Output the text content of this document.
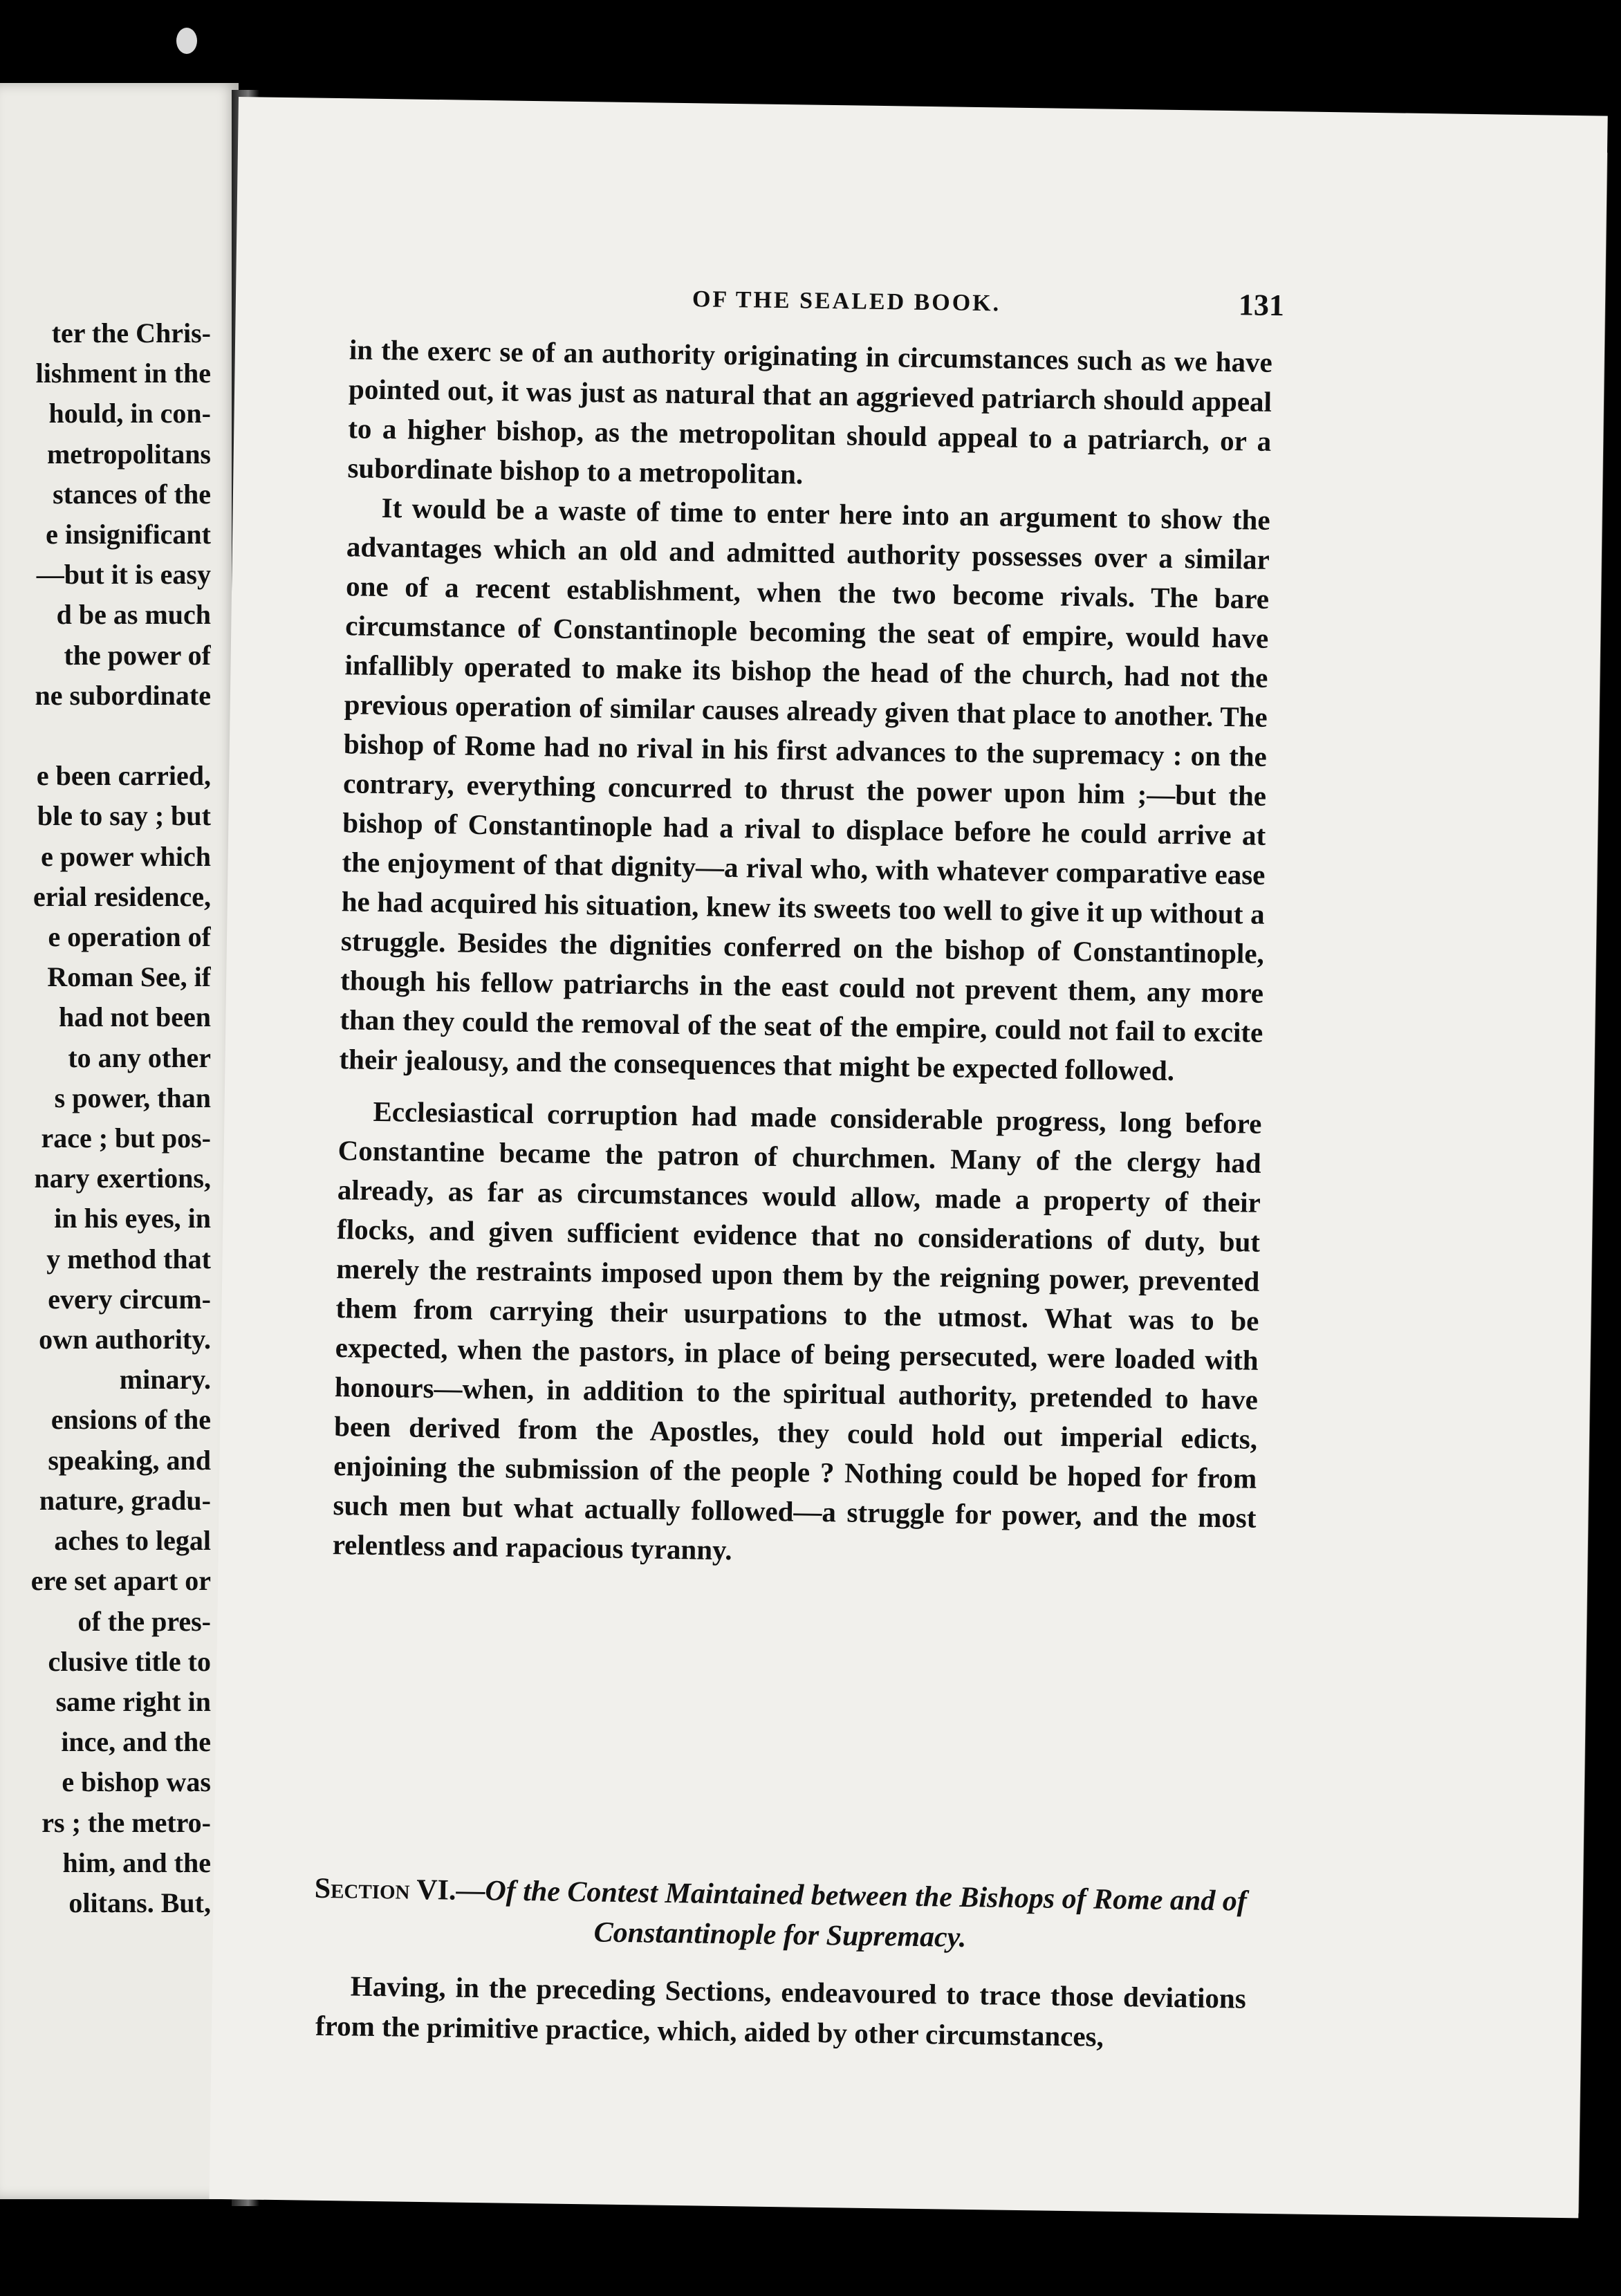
ter the Chris-
lishment in the
hould, in con-
metropolitans
stances of the
e insignificant
—but it is easy
d be as much
the power of
ne subordinate

e been carried,
ble to say ; but
e power which
erial residence,
e operation of
Roman See, if
had not been
to any other
s power, than
race ; but pos-
nary exertions,
in his eyes, in
y method that
every circum-
own authority.
minary.
ensions of the
speaking, and
nature, gradu-
aches to legal
ere set apart or
of the pres-
clusive title to
same right in
ince, and the
e bishop was
rs ; the metro-
him, and the
olitans. But,
OF THE SEALED BOOK.	131

in the exerc se of an authority originating in circumstances such as we have pointed out, it was just as natural that an aggrieved patriarch should appeal to a higher bishop, as the metropolitan should appeal to a patriarch, or a subordinate bishop to a metropolitan.

It would be a waste of time to enter here into an argument to show the advantages which an old and admitted authority possesses over a similar one of a recent establishment, when the two become rivals. The bare circumstance of Constantinople becoming the seat of empire, would have infallibly operated to make its bishop the head of the church, had not the previous operation of similar causes already given that place to another. The bishop of Rome had no rival in his first advances to the supremacy : on the contrary, everything concurred to thrust the power upon him ;—but the bishop of Constantinople had a rival to displace before he could arrive at the enjoyment of that dignity—a rival who, with whatever comparative ease he had acquired his situation, knew its sweets too well to give it up without a struggle. Besides the dignities conferred on the bishop of Constantinople, though his fellow patriarchs in the east could not prevent them, any more than they could the removal of the seat of the empire, could not fail to excite their jealousy, and the consequences that might be expected followed.

Ecclesiastical corruption had made considerable progress, long before Constantine became the patron of churchmen. Many of the clergy had already, as far as circumstances would allow, made a property of their flocks, and given sufficient evidence that no considerations of duty, but merely the restraints imposed upon them by the reigning power, prevented them from carrying their usurpations to the utmost. What was to be expected, when the pastors, in place of being persecuted, were loaded with honours—when, in addition to the spiritual authority, pretended to have been derived from the Apostles, they could hold out imperial edicts, enjoining the submission of the people ? Nothing could be hoped for from such men but what actually followed—a struggle for power, and the most relentless and rapacious tyranny.

Section VI.—Of the Contest Maintained between the Bishops of Rome and of Constantinople for Supremacy.
Having, in the preceding Sections, endeavoured to trace those deviations from the primitive practice, which, aided by other circumstances,
